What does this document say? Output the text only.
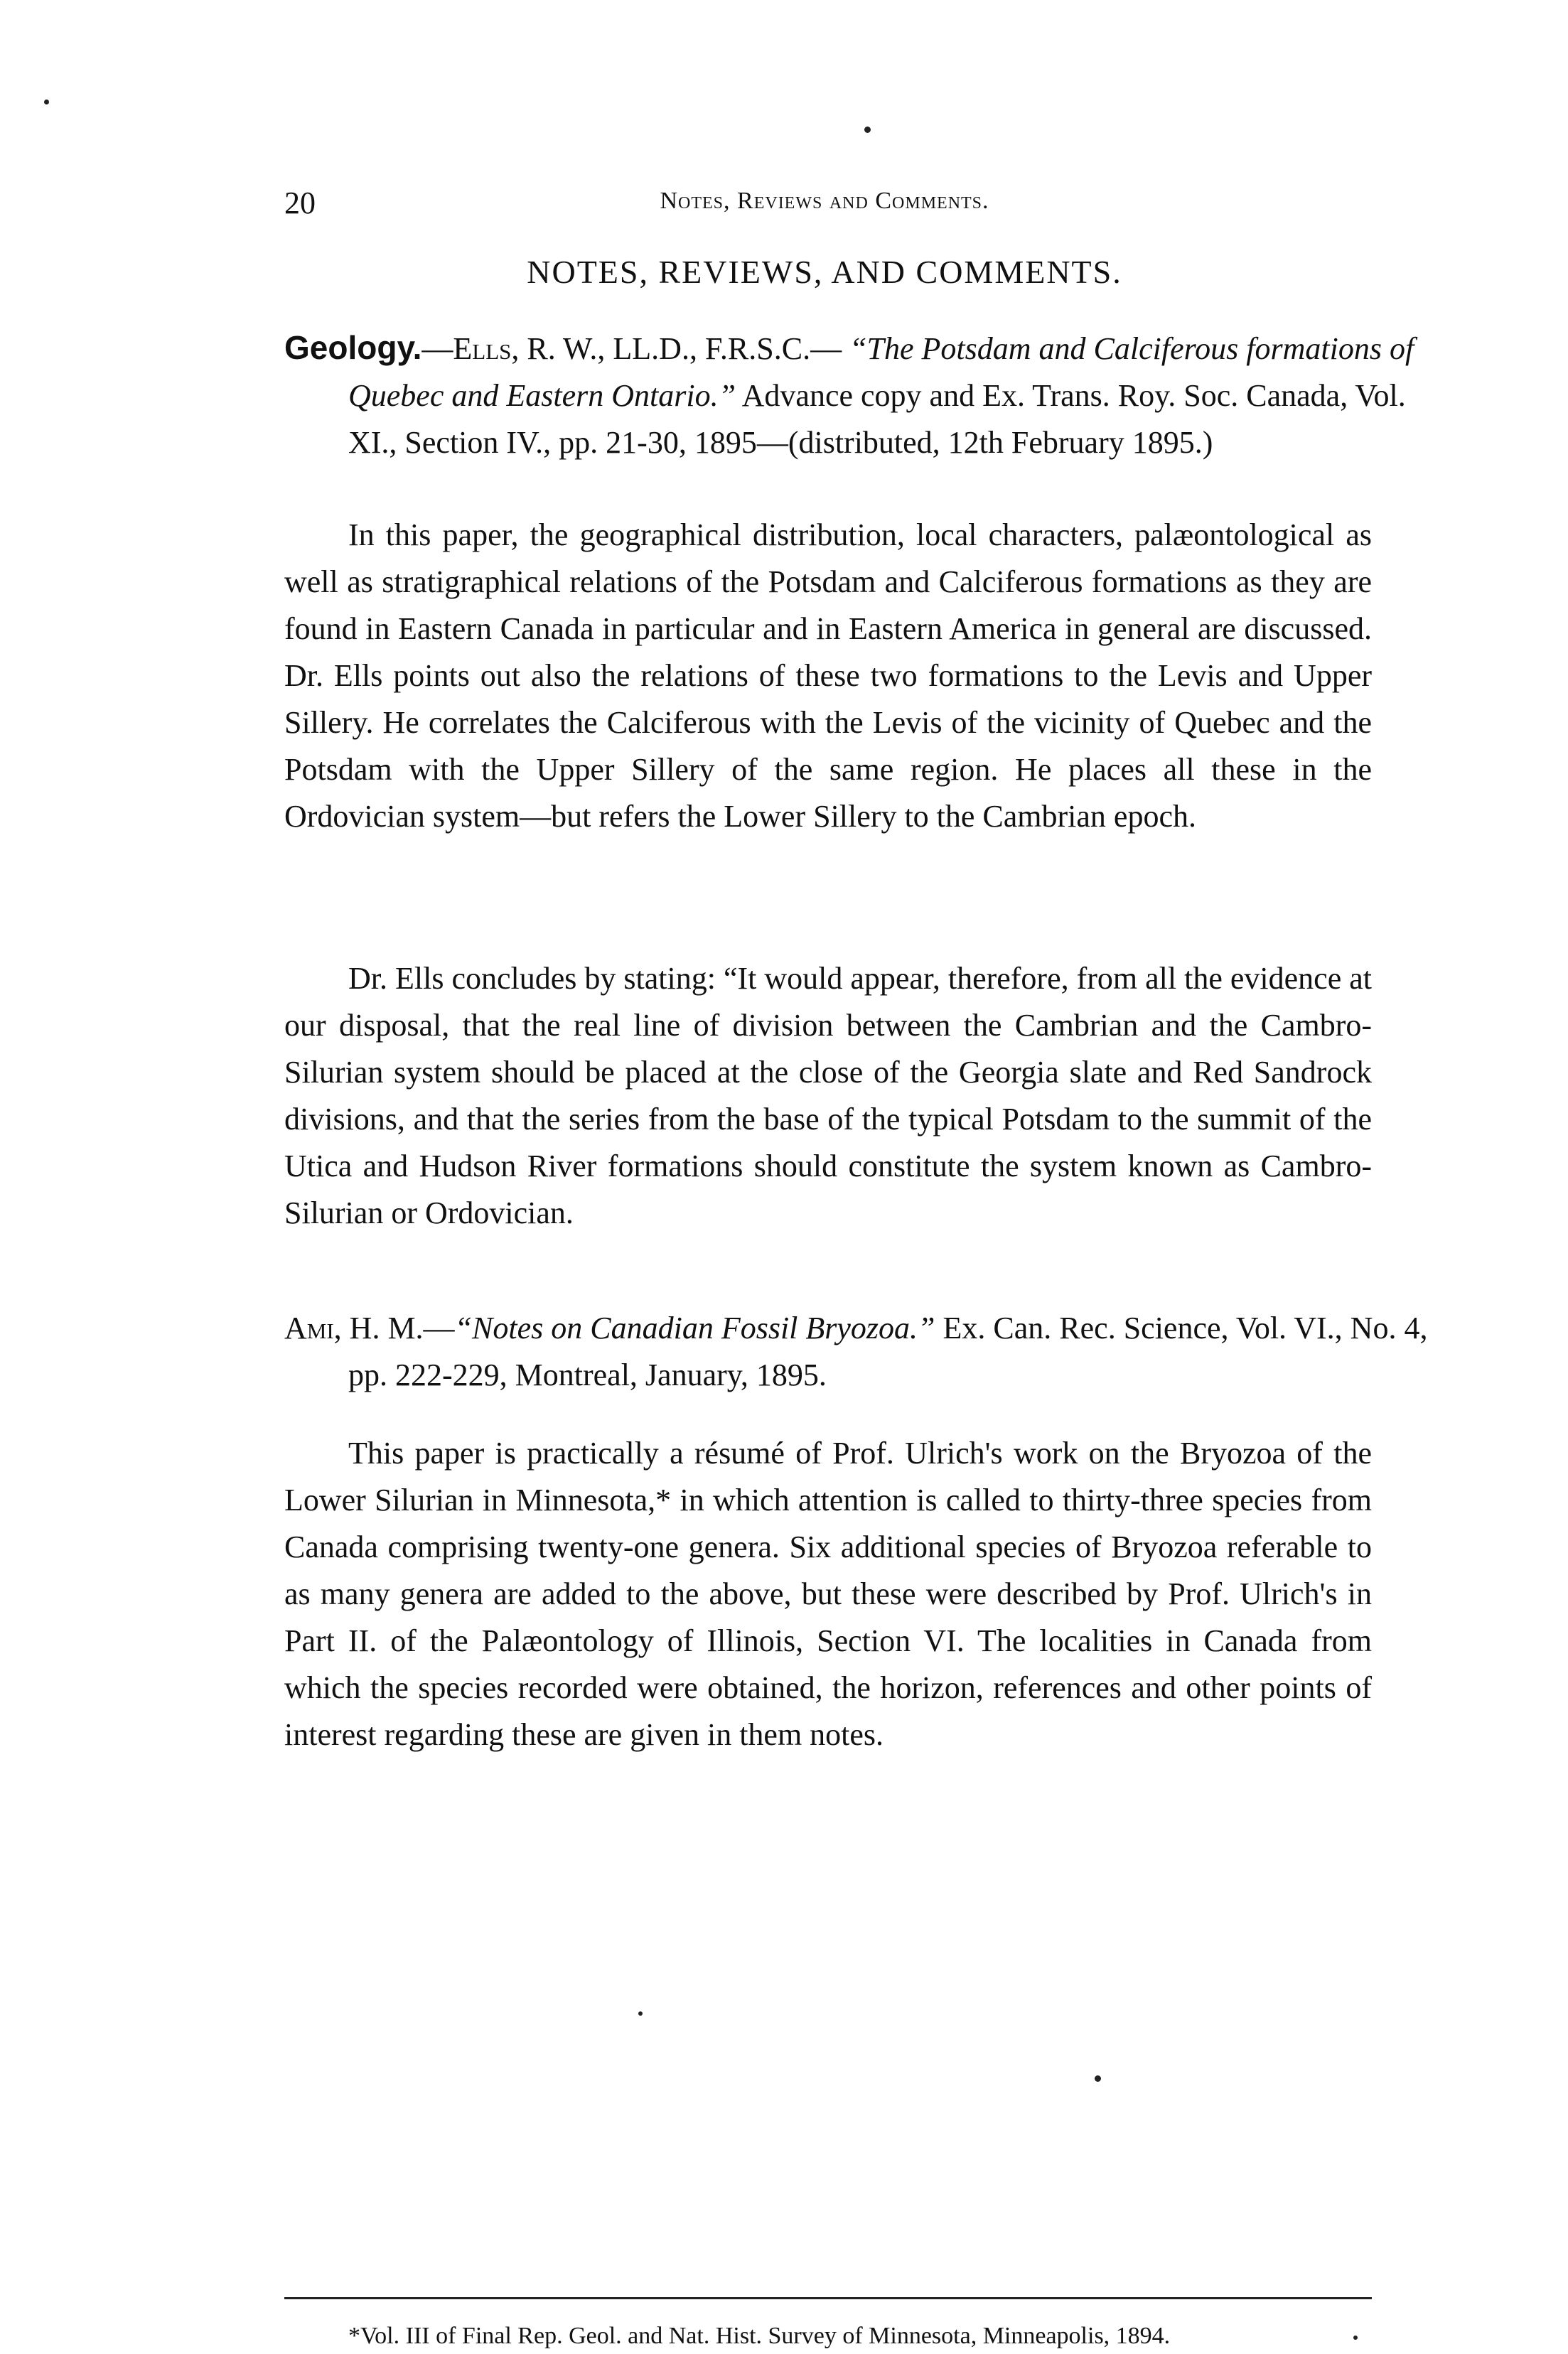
20	Notes, Reviews and Comments.
NOTES, REVIEWS, AND COMMENTS.
Geology.—Ells, R. W., LL.D., F.R.S.C.— “The Potsdam and Calciferous formations of Quebec and Eastern Ontario.” Advance copy and Ex. Trans. Roy. Soc. Canada, Vol. XI., Section IV., pp. 21-30, 1895—(distributed, 12th February 1895.)

In this paper, the geographical distribution, local characters, palæontological as well as stratigraphical relations of the Potsdam and Calciferous formations as they are found in Eastern Canada in particular and in Eastern America in general are discussed. Dr. Ells points out also the relations of these two formations to the Levis and Upper Sillery. He correlates the Calciferous with the Levis of the vicinity of Quebec and the Potsdam with the Upper Sillery of the same region. He places all these in the Ordovician system—but refers the Lower Sillery to the Cambrian epoch.

Dr. Ells concludes by stating: “It would appear, therefore, from all the evidence at our disposal, that the real line of division between the Cambrian and the Cambro-Silurian system should be placed at the close of the Georgia slate and Red Sandrock divisions, and that the series from the base of the typical Potsdam to the summit of the Utica and Hudson River formations should constitute the system known as Cambro-Silurian or Ordovician.

Ami, H. M.—“Notes on Canadian Fossil Bryozoa.” Ex. Can. Rec. Science, Vol. VI., No. 4, pp. 222-229, Montreal, January, 1895.

This paper is practically a résumé of Prof. Ulrich's work on the Bryozoa of the Lower Silurian in Minnesota,* in which attention is called to thirty-three species from Canada comprising twenty-one genera. Six additional species of Bryozoa referable to as many genera are added to the above, but these were described by Prof. Ulrich's in Part II. of the Palæontology of Illinois, Section VI. The localities in Canada from which the species recorded were obtained, the horizon, references and other points of interest regarding these are given in them notes.

*Vol. III of Final Rep. Geol. and Nat. Hist. Survey of Minnesota, Minneapolis, 1894.
